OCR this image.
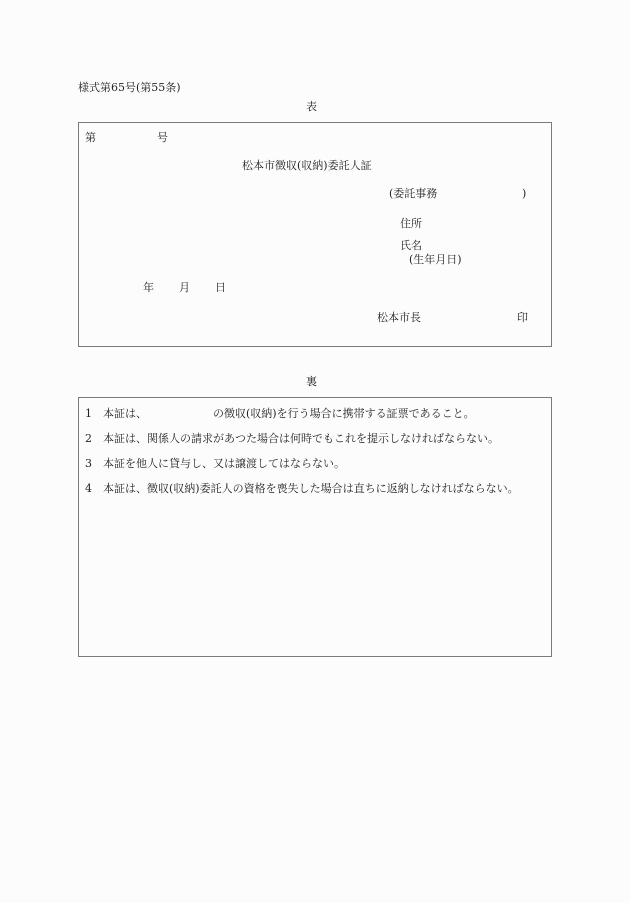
様式第65号(第55条)
表
第	号
松本市徴収(収納)委託人証
(委託事務	)
住所
氏名
(生年月日)
年 月 日
松本市長	印
裏
1 本証は、	の徴収(収納)を行う場合に携帯する証票であること。
2 本証は、関係人の請求があつた場合は何時でもこれを提示しなければならない。
3 本証を他人に貸与し、又は譲渡してはならない。
4 本証は、徴収(収納)委託人の資格を喪失した場合は直ちに返納しなければならない。
